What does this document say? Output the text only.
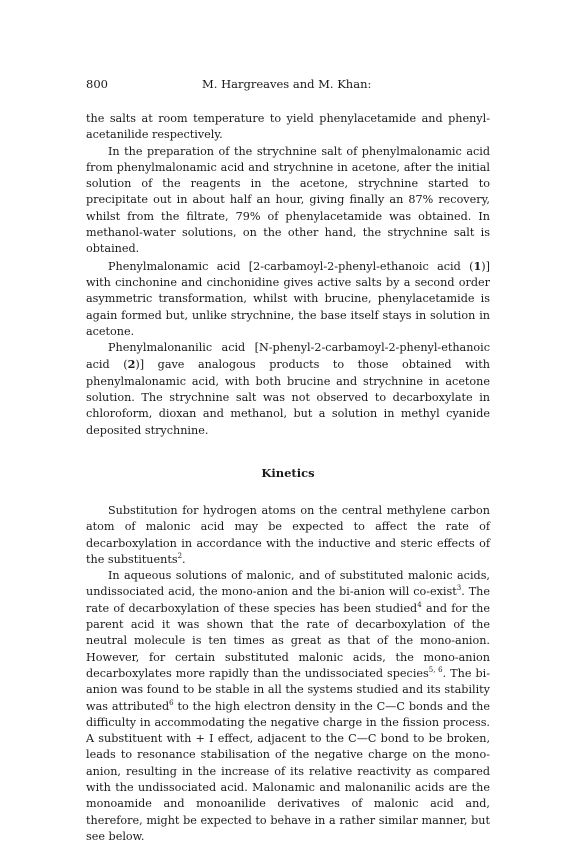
800	M. Hargreaves and M. Khan:

the salts at room temperature to yield phenylacetamide and phenyl-acetanilide respectively.

In the preparation of the strychnine salt of phenylmalonamic acid from phenylmalonamic acid and strychnine in acetone, after the initial solution of the reagents in the acetone, strychnine started to precipitate out in about half an hour, giving finally an 87% recovery, whilst from the filtrate, 79% of phenylacetamide was obtained. In methanol-water solutions, on the other hand, the strychnine salt is obtained.

Phenylmalonamic acid [2-carbamoyl-2-phenyl-ethanoic acid (1)] with cinchonine and cinchonidine gives active salts by a second order asymmetric transformation, whilst with brucine, phenylacetamide is again formed but, unlike strychnine, the base itself stays in solution in acetone.

Phenylmalonanilic acid [N-phenyl-2-carbamoyl-2-phenyl-ethanoic acid (2)] gave analogous products to those obtained with phenylmalonamic acid, with both brucine and strychnine in acetone solution. The strychnine salt was not observed to decarboxylate in chloroform, dioxan and methanol, but a solution in methyl cyanide deposited strychnine.

Kinetics

Substitution for hydrogen atoms on the central methylene carbon atom of malonic acid may be expected to affect the rate of decarboxylation in accordance with the inductive and steric effects of the substituents$^2$.

In aqueous solutions of malonic, and of substituted malonic acids, undissociated acid, the mono-anion and the bi-anion will co-exist$^3$. The rate of decarboxylation of these species has been studied$^4$ and for the parent acid it was shown that the rate of decarboxylation of the neutral molecule is ten times as great as that of the mono-anion. However, for certain substituted malonic acids, the mono-anion decarboxylates more rapidly than the undissociated species$^{5, 6}$. The bi-anion was found to be stable in all the systems studied and its stability was attributed$^6$ to the high electron density in the C—C bonds and the difficulty in accommodating the negative charge in the fission process. A substituent with + I effect, adjacent to the C—C bond to be broken, leads to resonance stabilisation of the negative charge on the mono-anion, resulting in the increase of its relative reactivity as compared with the undissociated acid. Malonamic and malonanilic acids are the monoamide and monoanilide derivatives of malonic acid and, therefore, might be expected to behave in a rather similar manner, but see below.
